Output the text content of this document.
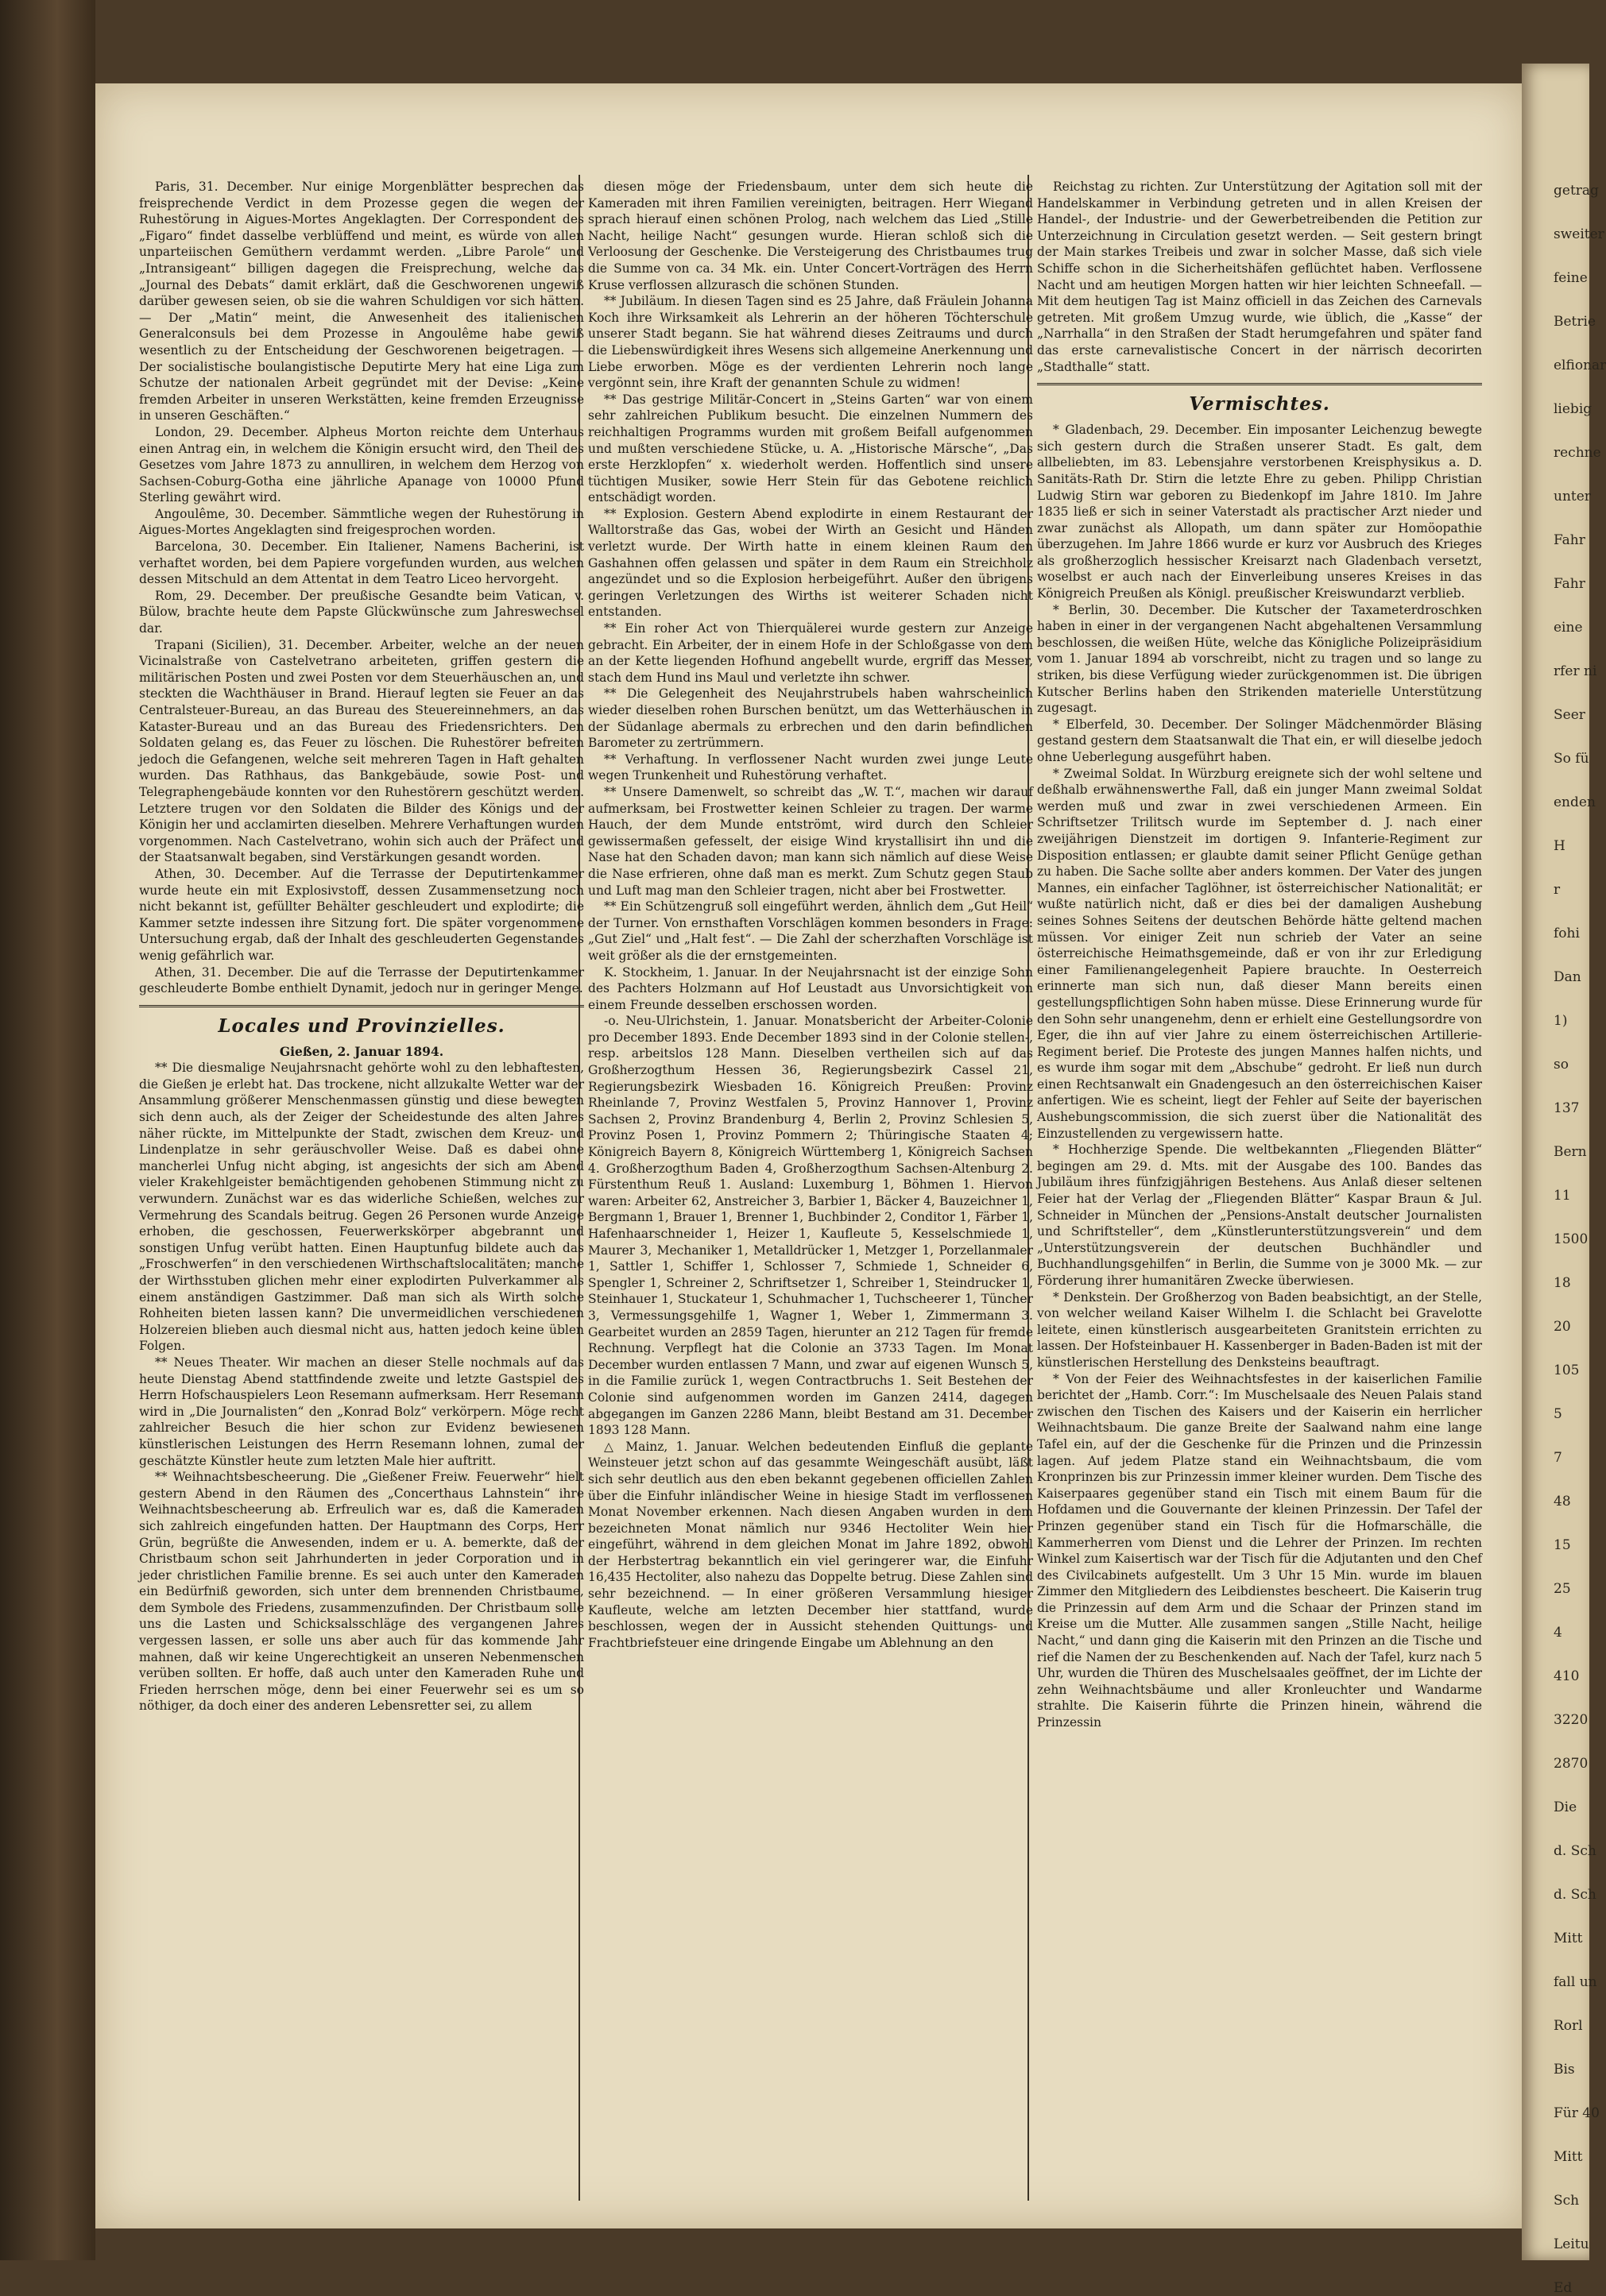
Paris, 31. December. Nur einige Morgenblätter besprechen das freisprechende Verdict in dem Prozesse gegen die wegen der Ruhestörung in Aigues-Mortes Angeklagten. Der Correspondent des „Figaro“ findet dasselbe verblüffend und meint, es würde von allen unparteiischen Gemüthern verdammt werden. „Libre Parole“ und „Intransigeant“ billigen dagegen die Freisprechung, welche das „Journal des Debats“ damit erklärt, daß die Geschworenen ungewiß darüber gewesen seien, ob sie die wahren Schuldigen vor sich hätten. — Der „Matin“ meint, die Anwesenheit des italienischen Generalconsuls bei dem Prozesse in Angoulême habe gewiß wesentlich zu der Entscheidung der Geschworenen beigetragen. — Der socialistische boulangistische Deputirte Mery hat eine Liga zum Schutze der nationalen Arbeit gegründet mit der Devise: „Keine fremden Arbeiter in unseren Werkstätten, keine fremden Erzeugnisse in unseren Geschäften.“

London, 29. December. Alpheus Morton reichte dem Unterhaus einen Antrag ein, in welchem die Königin ersucht wird, den Theil des Gesetzes vom Jahre 1873 zu annulliren, in welchem dem Herzog von Sachsen-Coburg-Gotha eine jährliche Apanage von 10000 Pfund Sterling gewährt wird.

Angoulême, 30. December. Sämmtliche wegen der Ruhestörung in Aigues-Mortes Angeklagten sind freigesprochen worden.

Barcelona, 30. December. Ein Italiener, Namens Bacherini, ist verhaftet worden, bei dem Papiere vorgefunden wurden, aus welchen dessen Mitschuld an dem Attentat in dem Teatro Liceo hervorgeht.

Rom, 29. December. Der preußische Gesandte beim Vatican, v. Bülow, brachte heute dem Papste Glückwünsche zum Jahreswechsel dar.

Trapani (Sicilien), 31. December. Arbeiter, welche an der neuen Vicinalstraße von Castelvetrano arbeiteten, griffen gestern die militärischen Posten und zwei Posten vor dem Steuerhäuschen an, und steckten die Wachthäuser in Brand. Hierauf legten sie Feuer an das Centralsteuer-Bureau, an das Bureau des Steuereinnehmers, an das Kataster-Bureau und an das Bureau des Friedensrichters. Den Soldaten gelang es, das Feuer zu löschen. Die Ruhestörer befreiten jedoch die Gefangenen, welche seit mehreren Tagen in Haft gehalten wurden. Das Rathhaus, das Bankgebäude, sowie Post- und Telegraphengebäude konnten vor den Ruhestörern geschützt werden. Letztere trugen vor den Soldaten die Bilder des Königs und der Königin her und acclamirten dieselben. Mehrere Verhaftungen wurden vorgenommen. Nach Castelvetrano, wohin sich auch der Präfect und der Staatsanwalt begaben, sind Verstärkungen gesandt worden.

Athen, 30. December. Auf die Terrasse der Deputirtenkammer wurde heute ein mit Explosivstoff, dessen Zusammensetzung noch nicht bekannt ist, gefüllter Behälter geschleudert und explodirte; die Kammer setzte indessen ihre Sitzung fort. Die später vorgenommene Untersuchung ergab, daß der Inhalt des geschleuderten Gegenstandes wenig gefährlich war.

Athen, 31. December. Die auf die Terrasse der Deputirtenkammer geschleuderte Bombe enthielt Dynamit, jedoch nur in geringer Menge.

Locales und Provinzielles.

Gießen, 2. Januar 1894.

** Die diesmalige Neujahrsnacht gehörte wohl zu den lebhaftesten, die Gießen je erlebt hat. Das trockene, nicht allzukalte Wetter war der Ansammlung größerer Menschenmassen günstig und diese bewegten sich denn auch, als der Zeiger der Scheidestunde des alten Jahres näher rückte, im Mittelpunkte der Stadt, zwischen dem Kreuz- und Lindenplatze in sehr geräuschvoller Weise. Daß es dabei ohne mancherlei Unfug nicht abging, ist angesichts der sich am Abend vieler Krakehlgeister bemächtigenden gehobenen Stimmung nicht zu verwundern. Zunächst war es das widerliche Schießen, welches zur Vermehrung des Scandals beitrug. Gegen 26 Personen wurde Anzeige erhoben, die geschossen, Feuerwerkskörper abgebrannt und sonstigen Unfug verübt hatten. Einen Hauptunfug bildete auch das „Froschwerfen“ in den verschiedenen Wirthschaftslocalitäten; manche der Wirthsstuben glichen mehr einer explodirten Pulverkammer als einem anständigen Gastzimmer. Daß man sich als Wirth solche Rohheiten bieten lassen kann? Die unvermeidlichen verschiedenen Holzereien blieben auch diesmal nicht aus, hatten jedoch keine üblen Folgen.

** Neues Theater. Wir machen an dieser Stelle nochmals auf das heute Dienstag Abend stattfindende zweite und letzte Gastspiel des Herrn Hofschauspielers Leon Resemann aufmerksam. Herr Resemann wird in „Die Journalisten“ den „Konrad Bolz“ verkörpern. Möge recht zahlreicher Besuch die hier schon zur Evidenz bewiesenen künstlerischen Leistungen des Herrn Resemann lohnen, zumal der geschätzte Künstler heute zum letzten Male hier auftritt.

** Weihnachtsbescheerung. Die „Gießener Freiw. Feuerwehr“ hielt gestern Abend in den Räumen des „Concerthaus Lahnstein“ ihre Weihnachtsbescheerung ab. Erfreulich war es, daß die Kameraden sich zahlreich eingefunden hatten. Der Hauptmann des Corps, Herr Grün, begrüßte die Anwesenden, indem er u. A. bemerkte, daß der Christbaum schon seit Jahrhunderten in jeder Corporation und in jeder christlichen Familie brenne. Es sei auch unter den Kameraden ein Bedürfniß geworden, sich unter dem brennenden Christbaume, dem Symbole des Friedens, zusammenzufinden. Der Christbaum solle uns die Lasten und Schicksalsschläge des vergangenen Jahres vergessen lassen, er solle uns aber auch für das kommende Jahr mahnen, daß wir keine Ungerechtigkeit an unseren Nebenmenschen verüben sollten. Er hoffe, daß auch unter den Kameraden Ruhe und Frieden herrschen möge, denn bei einer Feuerwehr sei es um so nöthiger, da doch einer des anderen Lebensretter sei, zu allem

diesen möge der Friedensbaum, unter dem sich heute die Kameraden mit ihren Familien vereinigten, beitragen. Herr Wiegand sprach hierauf einen schönen Prolog, nach welchem das Lied „Stille Nacht, heilige Nacht“ gesungen wurde. Hieran schloß sich die Verloosung der Geschenke. Die Versteigerung des Christbaumes trug die Summe von ca. 34 Mk. ein. Unter Concert-Vorträgen des Herrn Kruse verflossen allzurasch die schönen Stunden.

** Jubiläum. In diesen Tagen sind es 25 Jahre, daß Fräulein Johanna Koch ihre Wirksamkeit als Lehrerin an der höheren Töchterschule unserer Stadt begann. Sie hat während dieses Zeitraums und durch die Liebenswürdigkeit ihres Wesens sich allgemeine Anerkennung und Liebe erworben. Möge es der verdienten Lehrerin noch lange vergönnt sein, ihre Kraft der genannten Schule zu widmen!

** Das gestrige Militär-Concert in „Steins Garten“ war von einem sehr zahlreichen Publikum besucht. Die einzelnen Nummern des reichhaltigen Programms wurden mit großem Beifall aufgenommen und mußten verschiedene Stücke, u. A. „Historische Märsche“, „Das erste Herzklopfen“ x. wiederholt werden. Hoffentlich sind unsere tüchtigen Musiker, sowie Herr Stein für das Gebotene reichlich entschädigt worden.

** Explosion. Gestern Abend explodirte in einem Restaurant der Walltorstraße das Gas, wobei der Wirth an Gesicht und Händen verletzt wurde. Der Wirth hatte in einem kleinen Raum den Gashahnen offen gelassen und später in dem Raum ein Streichholz angezündet und so die Explosion herbeigeführt. Außer den übrigens geringen Verletzungen des Wirths ist weiterer Schaden nicht entstanden.

** Ein roher Act von Thierquälerei wurde gestern zur Anzeige gebracht. Ein Arbeiter, der in einem Hofe in der Schloßgasse von dem an der Kette liegenden Hofhund angebellt wurde, ergriff das Messer, stach dem Hund ins Maul und verletzte ihn schwer.

** Die Gelegenheit des Neujahrstrubels haben wahrscheinlich wieder dieselben rohen Burschen benützt, um das Wetterhäuschen in der Südanlage abermals zu erbrechen und den darin befindlichen Barometer zu zertrümmern.

** Verhaftung. In verflossener Nacht wurden zwei junge Leute wegen Trunkenheit und Ruhestörung verhaftet.

** Unsere Damenwelt, so schreibt das „W. T.“, machen wir darauf aufmerksam, bei Frostwetter keinen Schleier zu tragen. Der warme Hauch, der dem Munde entströmt, wird durch den Schleier gewissermaßen gefesselt, der eisige Wind krystallisirt ihn und die Nase hat den Schaden davon; man kann sich nämlich auf diese Weise die Nase erfrieren, ohne daß man es merkt. Zum Schutz gegen Staub und Luft mag man den Schleier tragen, nicht aber bei Frostwetter.

** Ein Schützengruß soll eingeführt werden, ähnlich dem „Gut Heil“ der Turner. Von ernsthaften Vorschlägen kommen besonders in Frage: „Gut Ziel“ und „Halt fest“. — Die Zahl der scherzhaften Vorschläge ist weit größer als die der ernstgemeinten.

K. Stockheim, 1. Januar. In der Neujahrsnacht ist der einzige Sohn des Pachters Holzmann auf Hof Leustadt aus Unvorsichtigkeit von einem Freunde desselben erschossen worden.

-o. Neu-Ulrichstein, 1. Januar. Monatsbericht der Arbeiter-Colonie pro December 1893. Ende December 1893 sind in der Colonie stellen-, resp. arbeitslos 128 Mann. Dieselben vertheilen sich auf das Großherzogthum Hessen 36, Regierungsbezirk Cassel 21, Regierungsbezirk Wiesbaden 16. Königreich Preußen: Provinz Rheinlande 7, Provinz Westfalen 5, Provinz Hannover 1, Provinz Sachsen 2, Provinz Brandenburg 4, Berlin 2, Provinz Schlesien 5, Provinz Posen 1, Provinz Pommern 2; Thüringische Staaten 4; Königreich Bayern 8, Königreich Württemberg 1, Königreich Sachsen 4. Großherzogthum Baden 4, Großherzogthum Sachsen-Altenburg 2. Fürstenthum Reuß 1. Ausland: Luxemburg 1, Böhmen 1. Hiervon waren: Arbeiter 62, Anstreicher 3, Barbier 1, Bäcker 4, Bauzeichner 1, Bergmann 1, Brauer 1, Brenner 1, Buchbinder 2, Conditor 1, Färber 1, Hafenhaarschneider 1, Heizer 1, Kaufleute 5, Kesselschmiede 1, Maurer 3, Mechaniker 1, Metalldrücker 1, Metzger 1, Porzellanmaler 1, Sattler 1, Schiffer 1, Schlosser 7, Schmiede 1, Schneider 6, Spengler 1, Schreiner 2, Schriftsetzer 1, Schreiber 1, Steindrucker 1, Steinhauer 1, Stuckateur 1, Schuhmacher 1, Tuchscheerer 1, Tüncher 3, Vermessungsgehilfe 1, Wagner 1, Weber 1, Zimmermann 3. Gearbeitet wurden an 2859 Tagen, hierunter an 212 Tagen für fremde Rechnung. Verpflegt hat die Colonie an 3733 Tagen. Im Monat December wurden entlassen 7 Mann, und zwar auf eigenen Wunsch 5, in die Familie zurück 1, wegen Contractbruchs 1. Seit Bestehen der Colonie sind aufgenommen worden im Ganzen 2414, dagegen abgegangen im Ganzen 2286 Mann, bleibt Bestand am 31. December 1893 128 Mann.

△ Mainz, 1. Januar. Welchen bedeutenden Einfluß die geplante Weinsteuer jetzt schon auf das gesammte Weingeschäft ausübt, läßt sich sehr deutlich aus den eben bekannt gegebenen officiellen Zahlen über die Einfuhr inländischer Weine in hiesige Stadt im verflossenen Monat November erkennen. Nach diesen Angaben wurden in dem bezeichneten Monat nämlich nur 9346 Hectoliter Wein hier eingeführt, während in dem gleichen Monat im Jahre 1892, obwohl der Herbstertrag bekanntlich ein viel geringerer war, die Einfuhr 16,435 Hectoliter, also nahezu das Doppelte betrug. Diese Zahlen sind sehr bezeichnend. — In einer größeren Versammlung hiesiger Kaufleute, welche am letzten December hier stattfand, wurde beschlossen, wegen der in Aussicht stehenden Quittungs- und Frachtbriefsteuer eine dringende Eingabe um Ablehnung an den

Reichstag zu richten. Zur Unterstützung der Agitation soll mit der Handelskammer in Verbindung getreten und in allen Kreisen der Handel-, der Industrie- und der Gewerbetreibenden die Petition zur Unterzeichnung in Circulation gesetzt werden. — Seit gestern bringt der Main starkes Treibeis und zwar in solcher Masse, daß sich viele Schiffe schon in die Sicherheitshäfen geflüchtet haben. Verflossene Nacht und am heutigen Morgen hatten wir hier leichten Schneefall. — Mit dem heutigen Tag ist Mainz officiell in das Zeichen des Carnevals getreten. Mit großem Umzug wurde, wie üblich, die „Kasse“ der „Narrhalla“ in den Straßen der Stadt herumgefahren und später fand das erste carnevalistische Concert in der närrisch decorirten „Stadthalle“ statt.

Vermischtes.

* Gladenbach, 29. December. Ein imposanter Leichenzug bewegte sich gestern durch die Straßen unserer Stadt. Es galt, dem allbeliebten, im 83. Lebensjahre verstorbenen Kreisphysikus a. D. Sanitäts-Rath Dr. Stirn die letzte Ehre zu geben. Philipp Christian Ludwig Stirn war geboren zu Biedenkopf im Jahre 1810. Im Jahre 1835 ließ er sich in seiner Vaterstadt als practischer Arzt nieder und zwar zunächst als Allopath, um dann später zur Homöopathie überzugehen. Im Jahre 1866 wurde er kurz vor Ausbruch des Krieges als großherzoglich hessischer Kreisarzt nach Gladenbach versetzt, woselbst er auch nach der Einverleibung unseres Kreises in das Königreich Preußen als Königl. preußischer Kreiswundarzt verblieb.

* Berlin, 30. December. Die Kutscher der Taxameterdroschken haben in einer in der vergangenen Nacht abgehaltenen Versammlung beschlossen, die weißen Hüte, welche das Königliche Polizeipräsidium vom 1. Januar 1894 ab vorschreibt, nicht zu tragen und so lange zu striken, bis diese Verfügung wieder zurückgenommen ist. Die übrigen Kutscher Berlins haben den Strikenden materielle Unterstützung zugesagt.

* Elberfeld, 30. December. Der Solinger Mädchenmörder Bläsing gestand gestern dem Staatsanwalt die That ein, er will dieselbe jedoch ohne Ueberlegung ausgeführt haben.

* Zweimal Soldat. In Würzburg ereignete sich der wohl seltene und deßhalb erwähnenswerthe Fall, daß ein junger Mann zweimal Soldat werden muß und zwar in zwei verschiedenen Armeen. Ein Schriftsetzer Trilitsch wurde im September d. J. nach einer zweijährigen Dienstzeit im dortigen 9. Infanterie-Regiment zur Disposition entlassen; er glaubte damit seiner Pflicht Genüge gethan zu haben. Die Sache sollte aber anders kommen. Der Vater des jungen Mannes, ein einfacher Taglöhner, ist österreichischer Nationalität; er wußte natürlich nicht, daß er dies bei der damaligen Aushebung seines Sohnes Seitens der deutschen Behörde hätte geltend machen müssen. Vor einiger Zeit nun schrieb der Vater an seine österreichische Heimathsgemeinde, daß er von ihr zur Erledigung einer Familienangelegenheit Papiere brauchte. In Oesterreich erinnerte man sich nun, daß dieser Mann bereits einen gestellungspflichtigen Sohn haben müsse. Diese Erinnerung wurde für den Sohn sehr unangenehm, denn er erhielt eine Gestellungsordre von Eger, die ihn auf vier Jahre zu einem österreichischen Artillerie-Regiment berief. Die Proteste des jungen Mannes halfen nichts, und es wurde ihm sogar mit dem „Abschube“ gedroht. Er ließ nun durch einen Rechtsanwalt ein Gnadengesuch an den österreichischen Kaiser anfertigen. Wie es scheint, liegt der Fehler auf Seite der bayerischen Aushebungscommission, die sich zuerst über die Nationalität des Einzustellenden zu vergewissern hatte.

* Hochherzige Spende. Die weltbekannten „Fliegenden Blätter“ begingen am 29. d. Mts. mit der Ausgabe des 100. Bandes das Jubiläum ihres fünfzigjährigen Bestehens. Aus Anlaß dieser seltenen Feier hat der Verlag der „Fliegenden Blätter“ Kaspar Braun & Jul. Schneider in München der „Pensions-Anstalt deutscher Journalisten und Schriftsteller“, dem „Künstlerunterstützungsverein“ und dem „Unterstützungsverein der deutschen Buchhändler und Buchhandlungsgehilfen“ in Berlin, die Summe von je 3000 Mk. — zur Förderung ihrer humanitären Zwecke überwiesen.

* Denkstein. Der Großherzog von Baden beabsichtigt, an der Stelle, von welcher weiland Kaiser Wilhelm I. die Schlacht bei Gravelotte leitete, einen künstlerisch ausgearbeiteten Granitstein errichten zu lassen. Der Hofsteinbauer H. Kassenberger in Baden-Baden ist mit der künstlerischen Herstellung des Denksteins beauftragt.

* Von der Feier des Weihnachtsfestes in der kaiserlichen Familie berichtet der „Hamb. Corr.“: Im Muschelsaale des Neuen Palais stand zwischen den Tischen des Kaisers und der Kaiserin ein herrlicher Weihnachtsbaum. Die ganze Breite der Saalwand nahm eine lange Tafel ein, auf der die Geschenke für die Prinzen und die Prinzessin lagen. Auf jedem Platze stand ein Weihnachtsbaum, die vom Kronprinzen bis zur Prinzessin immer kleiner wurden. Dem Tische des Kaiserpaares gegenüber stand ein Tisch mit einem Baum für die Hofdamen und die Gouvernante der kleinen Prinzessin. Der Tafel der Prinzen gegenüber stand ein Tisch für die Hofmarschälle, die Kammerherren vom Dienst und die Lehrer der Prinzen. Im rechten Winkel zum Kaisertisch war der Tisch für die Adjutanten und den Chef des Civilcabinets aufgestellt. Um 3 Uhr 15 Min. wurde im blauen Zimmer den Mitgliedern des Leibdienstes bescheert. Die Kaiserin trug die Prinzessin auf dem Arm und die Schaar der Prinzen stand im Kreise um die Mutter. Alle zusammen sangen „Stille Nacht, heilige Nacht,“ und dann ging die Kaiserin mit den Prinzen an die Tische und rief die Namen der zu Beschenkenden auf. Nach der Tafel, kurz nach 5 Uhr, wurden die Thüren des Muschelsaales geöffnet, der im Lichte der zehn Weihnachtsbäume und aller Kronleuchter und Wandarme strahlte. Die Kaiserin führte die Prinzen hinein, während die Prinzessin

getrag
sweiter
feine
Betrie
elfionar
liebig
rechne
unter
Fahr
Fahr
eine
rfer ni
Seer
So fü
enden
H
r
fohi
Dan
1)
so
137
Bern
11
1500
18
20
105
5
7
48
15
25
4
410
3220
2870
Die
d. Sch
d. Sch
Mitt
fall un
Rorl
Bis
Für 40
Mitt
Sch
Leitu
Ed
